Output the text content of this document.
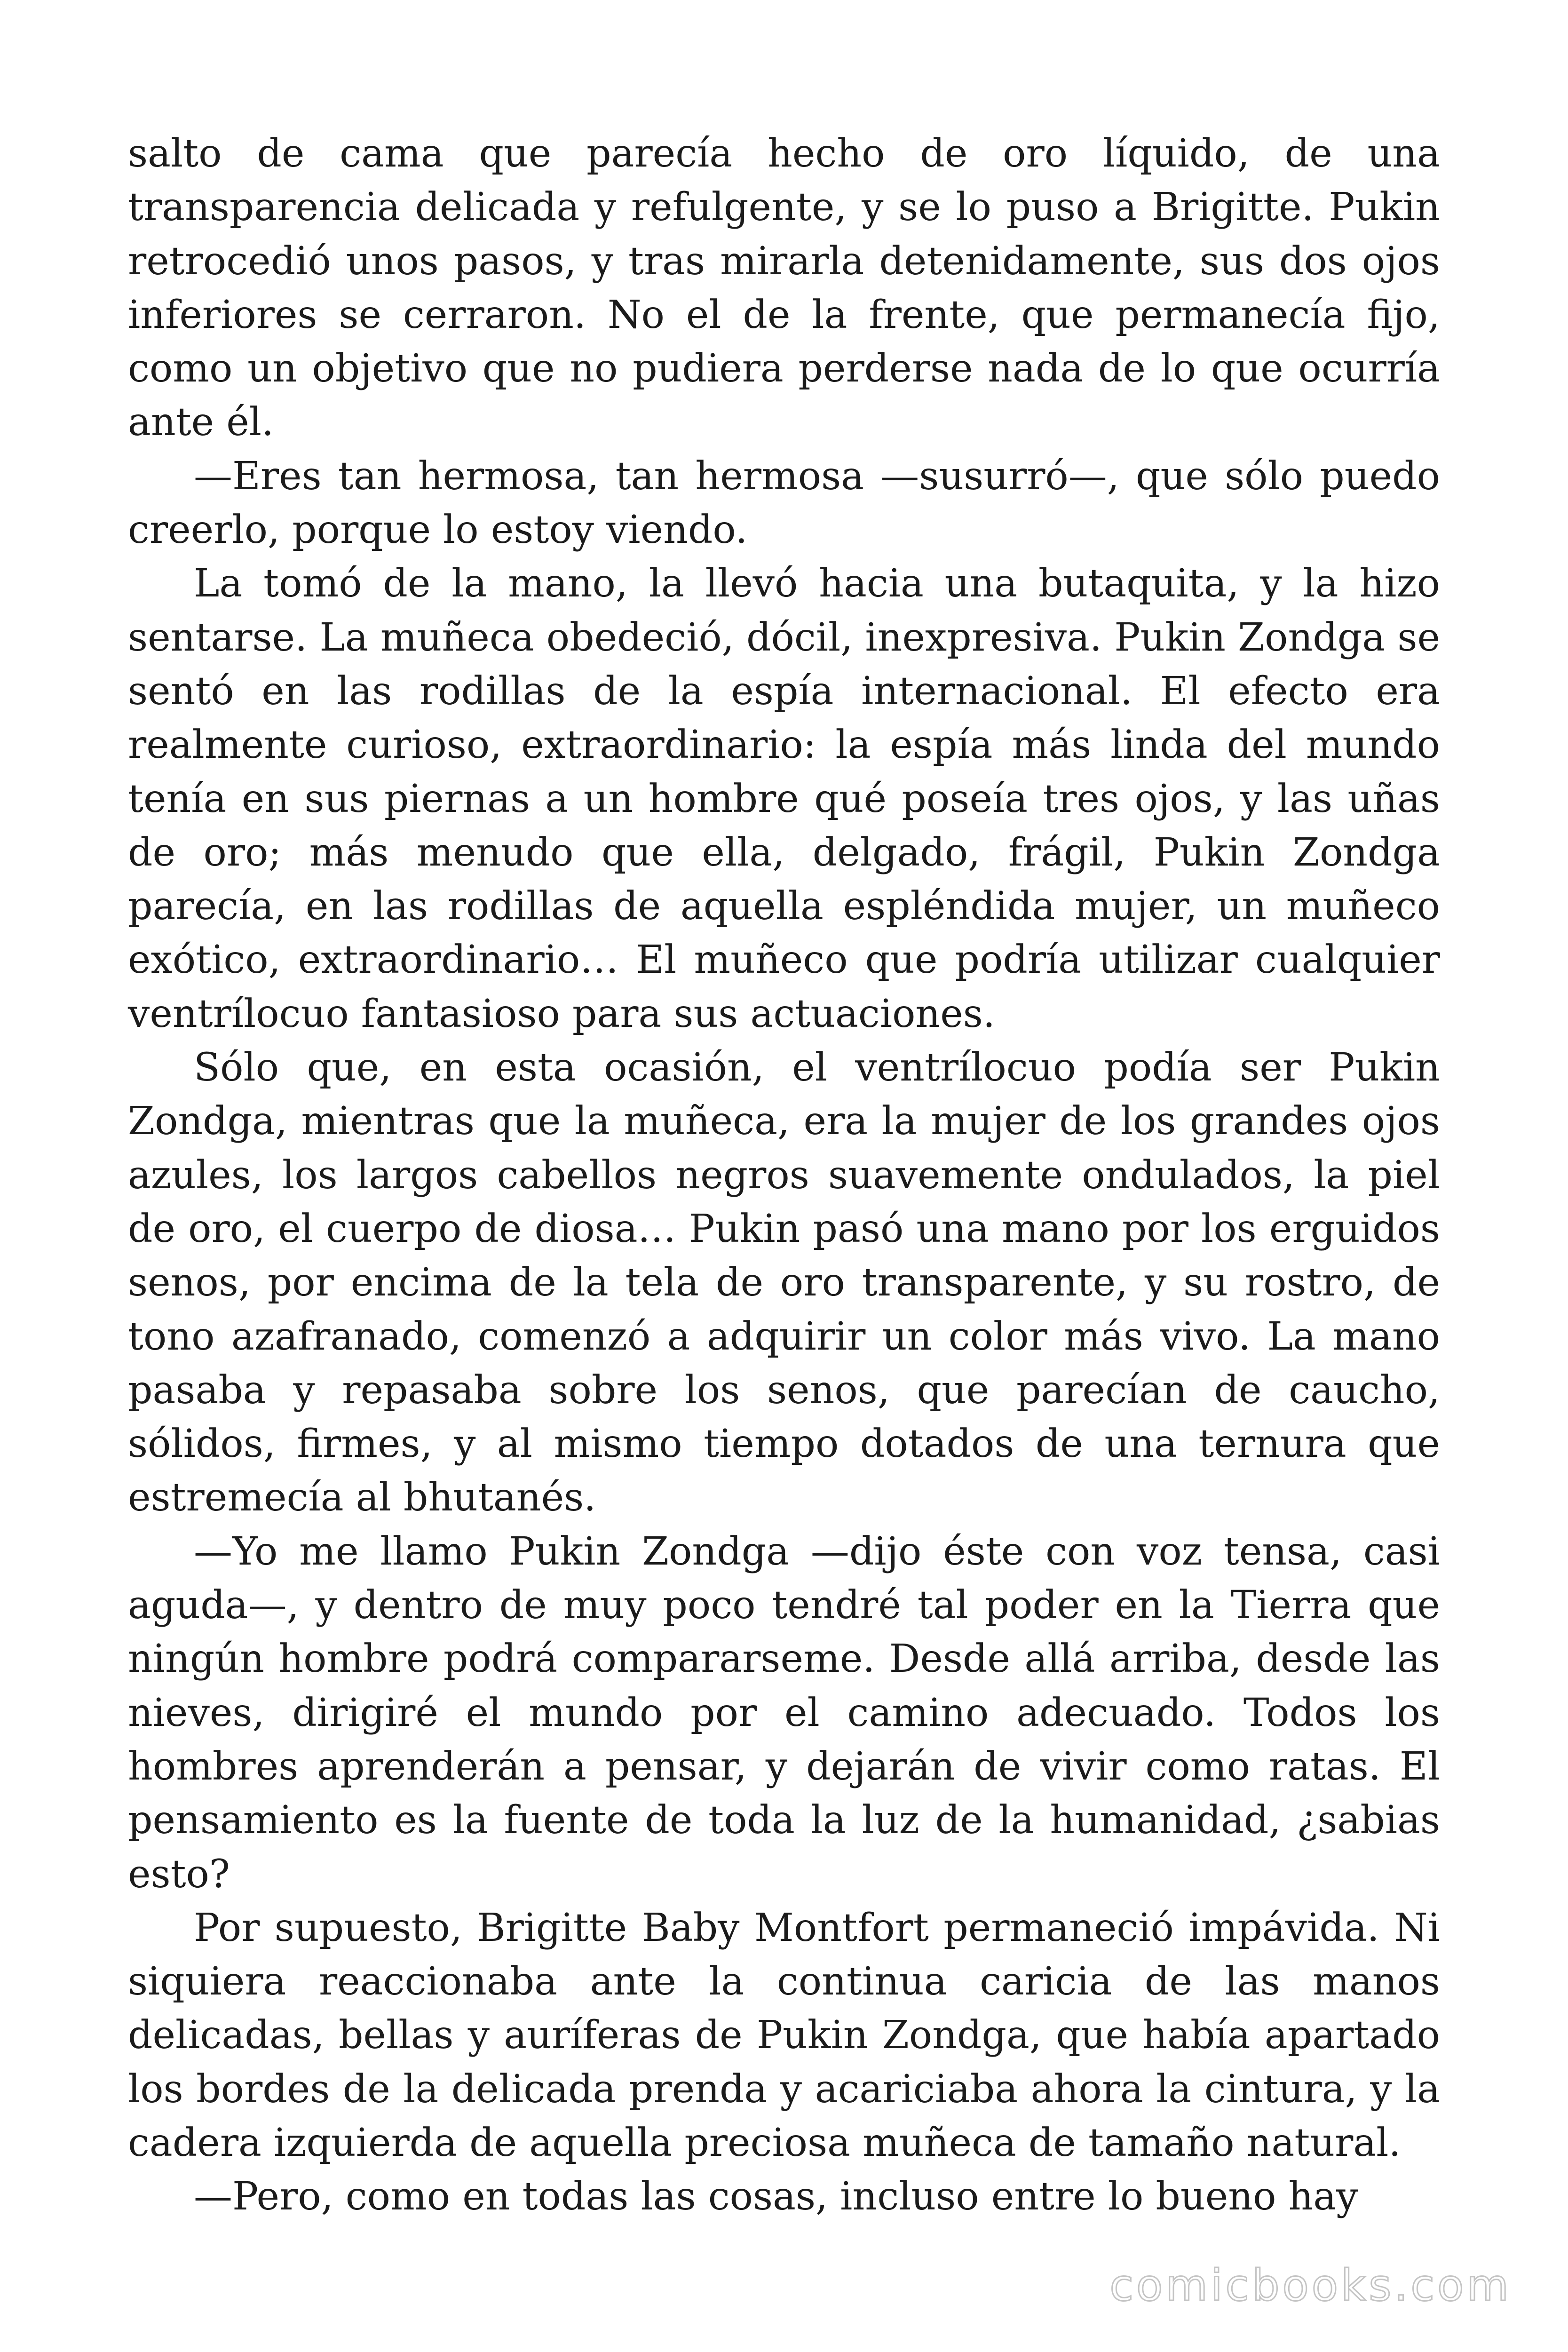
salto de cama que parecía hecho de oro líquido, de una transparencia delicada y refulgente, y se lo puso a Brigitte. Pukin retrocedió unos pasos, y tras mirarla detenidamente, sus dos ojos inferiores se cerraron. No el de la frente, que permanecía fijo, como un objetivo que no pudiera perderse nada de lo que ocurría ante él.

—Eres tan hermosa, tan hermosa —susurró—, que sólo puedo creerlo, porque lo estoy viendo.

La tomó de la mano, la llevó hacia una butaquita, y la hizo sentarse. La muñeca obedeció, dócil, inexpresiva. Pukin Zondga se sentó en las rodillas de la espía internacional. El efecto era realmente curioso, extraordinario: la espía más linda del mundo tenía en sus piernas a un hombre qué poseía tres ojos, y las uñas de oro; más menudo que ella, delgado, frágil, Pukin Zondga parecía, en las rodillas de aquella espléndida mujer, un muñeco exótico, extraordinario… El muñeco que podría utilizar cualquier ventrílocuo fantasioso para sus actuaciones.

Sólo que, en esta ocasión, el ventrílocuo podía ser Pukin Zondga, mientras que la muñeca, era la mujer de los grandes ojos azules, los largos cabellos negros suavemente ondulados, la piel de oro, el cuerpo de diosa… Pukin pasó una mano por los erguidos senos, por encima de la tela de oro transparente, y su rostro, de tono azafranado, comenzó a adquirir un color más vivo. La mano pasaba y repasaba sobre los senos, que parecían de caucho, sólidos, firmes, y al mismo tiempo dotados de una ternura que estremecía al bhutanés.

—Yo me llamo Pukin Zondga —dijo éste con voz tensa, casi aguda—, y dentro de muy poco tendré tal poder en la Tierra que ningún hombre podrá compararseme. Desde allá arriba, desde las nieves, dirigiré el mundo por el camino adecuado. Todos los hombres aprenderán a pensar, y dejarán de vivir como ratas. El pensamiento es la fuente de toda la luz de la humanidad, ¿sabias esto?

Por supuesto, Brigitte Baby Montfort permaneció impávida. Ni siquiera reaccionaba ante la continua caricia de las manos delicadas, bellas y auríferas de Pukin Zondga, que había apartado los bordes de la delicada prenda y acariciaba ahora la cintura, y la cadera izquierda de aquella preciosa muñeca de tamaño natural.

—Pero, como en todas las cosas, incluso entre lo bueno hay

comicbooks.com
